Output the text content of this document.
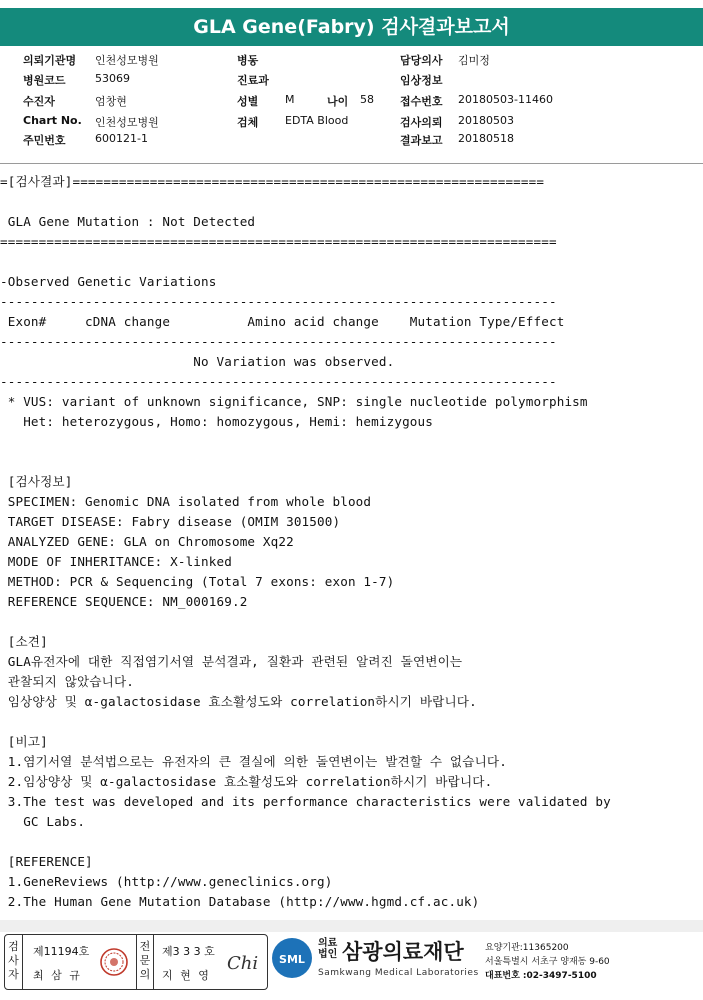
GLA Gene(Fabry) 검사결과보고서
의뢰기관명 인천성모병원	병동	담당의사 김미정
병원코드	53069	진료과	임상정보
수진자	엄창현	성별 M	나이 58 접수번호 20180503-11460
Chart No. 인천성모병원	검체 EDTA Blood	검사의뢰 20180503
주민번호	600121-1	결과보고 20180518
=[검사결과]=============================================================

GLA Gene Mutation : Not Detected
========================================================================

-Observed Genetic Variations
------------------------------------------------------------------------
Exon#     cDNA change          Amino acid change    Mutation Type/Effect
------------------------------------------------------------------------
No Variation was observed.
------------------------------------------------------------------------
* VUS: variant of unknown significance, SNP: single nucleotide polymorphism
Het: heterozygous, Homo: homozygous, Hemi: hemizygous

[검사정보]
SPECIMEN: Genomic DNA isolated from whole blood
TARGET DISEASE: Fabry disease (OMIM 301500)
ANALYZED GENE: GLA on Chromosome Xq22
MODE OF INHERITANCE: X-linked
METHOD: PCR & Sequencing (Total 7 exons: exon 1-7)
REFERENCE SEQUENCE: NM_000169.2

[소견]
GLA유전자에 대한 직접염기서열 분석결과, 질환과 관련된 알려진 돌연변이는
관찰되지 않았습니다.
임상양상 및 α-galactosidase 효소활성도와 correlation하시기 바랍니다.

[비고]
1.염기서열 분석법으로는 유전자의 큰 결실에 의한 돌연변이는 발견할 수 없습니다.
2.임상양상 및 α-galactosidase 효소활성도와 correlation하시기 바랍니다.
3.The test was developed and its performance characteristics were validated by
GC Labs.

[REFERENCE]
1.GeneReviews (http://www.geneclinics.org)
2.The Human Gene Mutation Database (http://www.hgmd.cf.ac.uk)
검
사
자
제11194호
최 삼 규
전
문
의
제3 3 3 호
지 현 영
Chi SML
의료
법인 삼광의료재단
Samkwang Medical Laboratories
요양기관:11365200
서울특별시 서초구 양재동 9-60
대표번호 :02-3497-5100
